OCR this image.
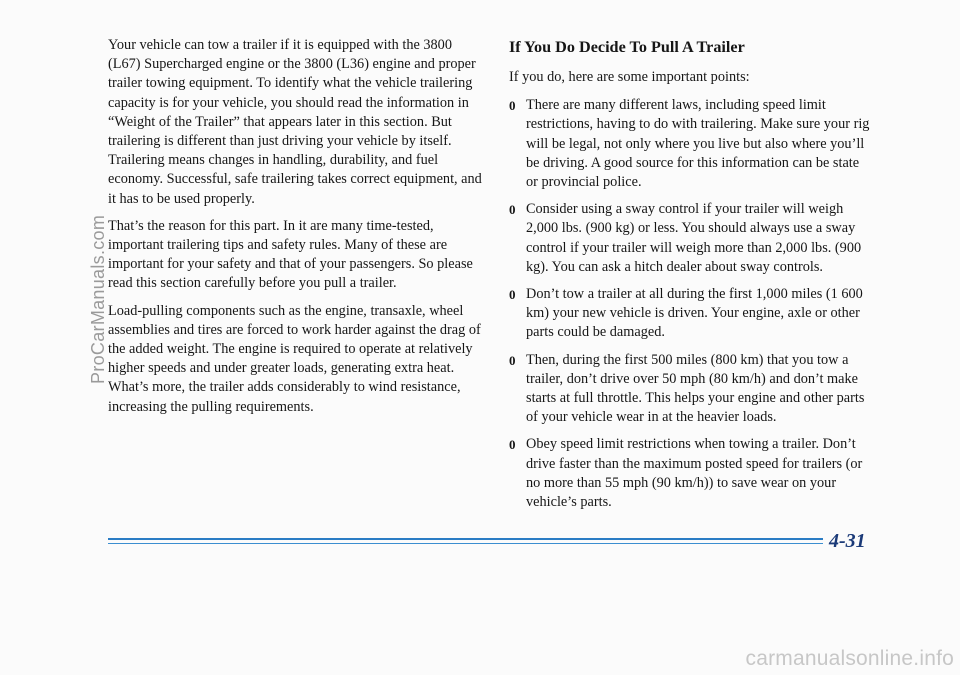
Your vehicle can tow a trailer if it is equipped with the 3800 (L67) Supercharged engine or the 3800 (L36) engine and proper trailer towing equipment. To identify what the vehicle trailering capacity is for your vehicle, you should read the information in “Weight of the Trailer” that appears later in this section. But trailering is different than just driving your vehicle by itself. Trailering means changes in handling, durability, and fuel economy. Successful, safe trailering takes correct equipment, and it has to be used properly.

That’s the reason for this part. In it are many time-tested, important trailering tips and safety rules. Many of these are important for your safety and that of your passengers. So please read this section carefully before you pull a trailer.

Load-pulling components such as the engine, transaxle, wheel assemblies and tires are forced to work harder against the drag of the added weight. The engine is required to operate at relatively higher speeds and under greater loads, generating extra heat. What’s more, the trailer adds considerably to wind resistance, increasing the pulling requirements.

If You Do Decide To Pull A Trailer

If you do, here are some important points:

0 There are many different laws, including speed limit restrictions, having to do with trailering. Make sure your rig will be legal, not only where you live but also where you’ll be driving. A good source for this information can be state or provincial police.
0 Consider using a sway control if your trailer will weigh 2,000 lbs. (900 kg) or less. You should always use a sway control if your trailer will weigh more than 2,000 lbs. (900 kg). You can ask a hitch dealer about sway controls.
0 Don’t tow a trailer at all during the first 1,000 miles (1 600 km) your new vehicle is driven. Your engine, axle or other parts could be damaged.
0 Then, during the first 500 miles (800 km) that you tow a trailer, don’t drive over 50 mph (80 km/h) and don’t make starts at full throttle. This helps your engine and other parts of your vehicle wear in at the heavier loads.
0 Obey speed limit restrictions when towing a trailer. Don’t drive faster than the maximum posted speed for trailers (or no more than 55 mph (90 km/h)) to save wear on your vehicle’s parts.
4-31
ProCarManuals.com
carmanualsonline.info
